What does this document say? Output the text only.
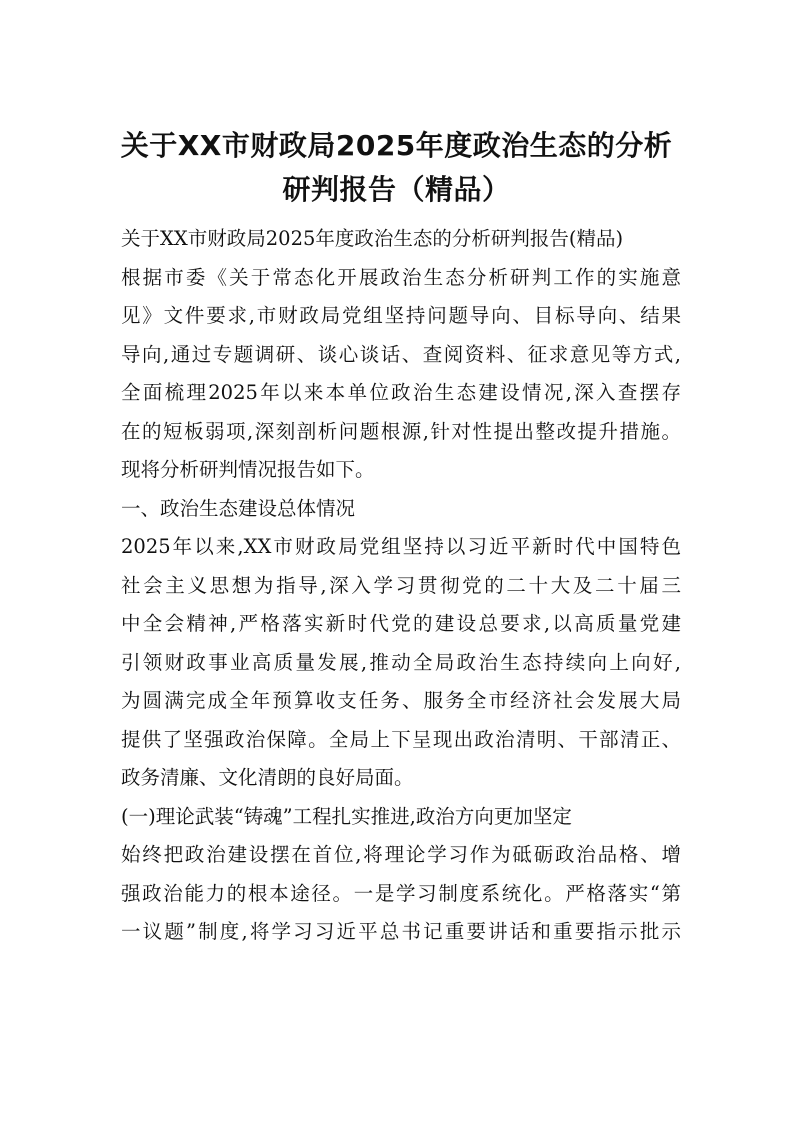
关于XX市财政局2025年度政治生态的分析
研判报告（精品）

关于XX市财政局2025年度政治生态的分析研判报告(精品)

根据市委《关于常态化开展政治生态分析研判工作的实施意

见》文件要求,市财政局党组坚持问题导向、目标导向、结果

导向,通过专题调研、谈心谈话、查阅资料、征求意见等方式,

全面梳理2025年以来本单位政治生态建设情况,深入查摆存

在的短板弱项,深刻剖析问题根源,针对性提出整改提升措施。

现将分析研判情况报告如下。

一、政治生态建设总体情况

2025年以来,XX市财政局党组坚持以习近平新时代中国特色

社会主义思想为指导,深入学习贯彻党的二十大及二十届三

中全会精神,严格落实新时代党的建设总要求,以高质量党建

引领财政事业高质量发展,推动全局政治生态持续向上向好,

为圆满完成全年预算收支任务、服务全市经济社会发展大局

提供了坚强政治保障。全局上下呈现出政治清明、干部清正、

政务清廉、文化清朗的良好局面。

(一)理论武装“铸魂”工程扎实推进,政治方向更加坚定

始终把政治建设摆在首位,将理论学习作为砥砺政治品格、增

强政治能力的根本途径。一是学习制度系统化。严格落实“第

一议题”制度,将学习习近平总书记重要讲话和重要指示批示
